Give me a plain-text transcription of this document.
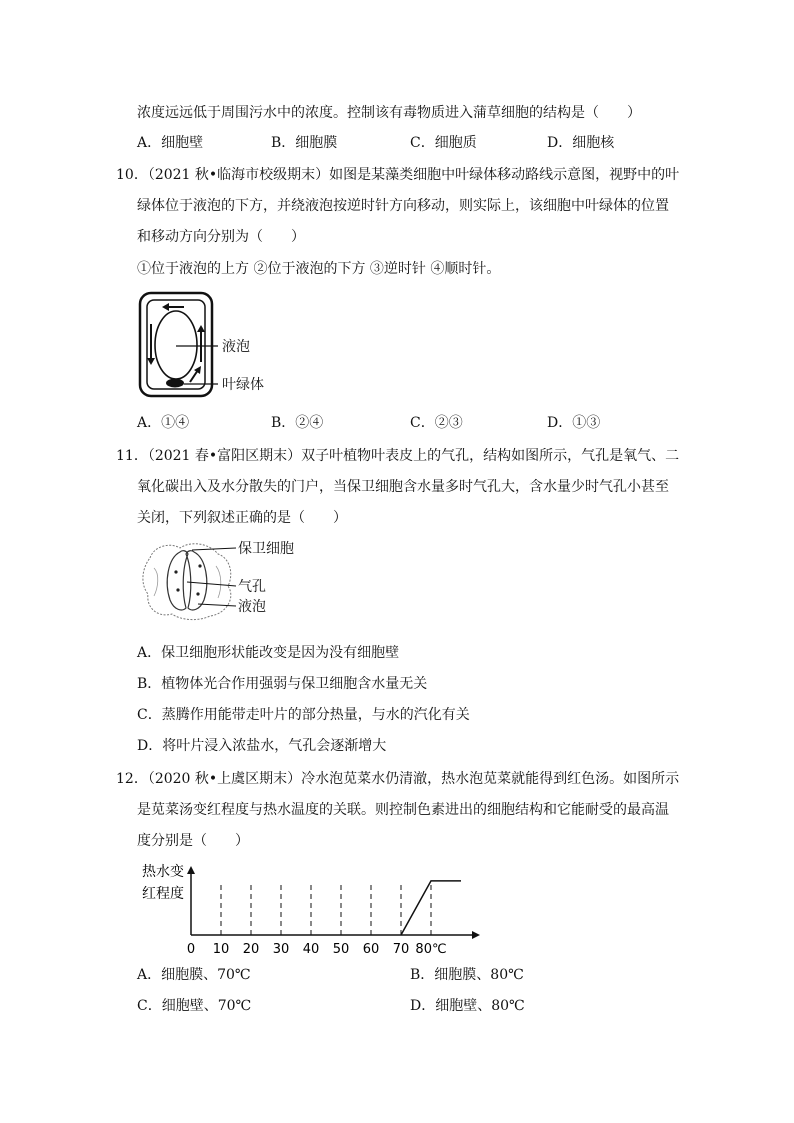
浓度远远低于周围污水中的浓度。控制该有毒物质进入蒲草细胞的结构是（　　）
A．细胞壁	B．细胞膜	C．细胞质	D．细胞核
10．（2021 秋•临海市校级期末）如图是某藻类细胞中叶绿体移动路线示意图，视野中的叶
绿体位于液泡的下方，并绕液泡按逆时针方向移动，则实际上，该细胞中叶绿体的位置
和移动方向分别为（　　）
①位于液泡的上方 ②位于液泡的下方 ③逆时针 ④顺时针。
液泡
叶绿体
A．①④	B．②④	C．②③	D．①③
11．（2021 春•富阳区期末）双子叶植物叶表皮上的气孔，结构如图所示，气孔是氧气、二
氧化碳出入及水分散失的门户，当保卫细胞含水量多时气孔大，含水量少时气孔小甚至
关闭，下列叙述正确的是（　　）
保卫细胞
气孔
液泡
A．保卫细胞形状能改变是因为没有细胞壁
B．植物体光合作用强弱与保卫细胞含水量无关
C．蒸腾作用能带走叶片的部分热量，与水的汽化有关
D．将叶片浸入浓盐水，气孔会逐渐增大
12．（2020 秋•上虞区期末）冷水泡苋菜水仍清澈，热水泡苋菜就能得到红色汤。如图所示
是苋菜汤变红程度与热水温度的关联。则控制色素进出的细胞结构和它能耐受的最高温
度分别是（　　）
热水变
红程度
0 10 20 30 40 50 60 70 80℃
A．细胞膜、70℃	B．细胞膜、80℃
C．细胞壁、70℃	D．细胞壁、80℃
